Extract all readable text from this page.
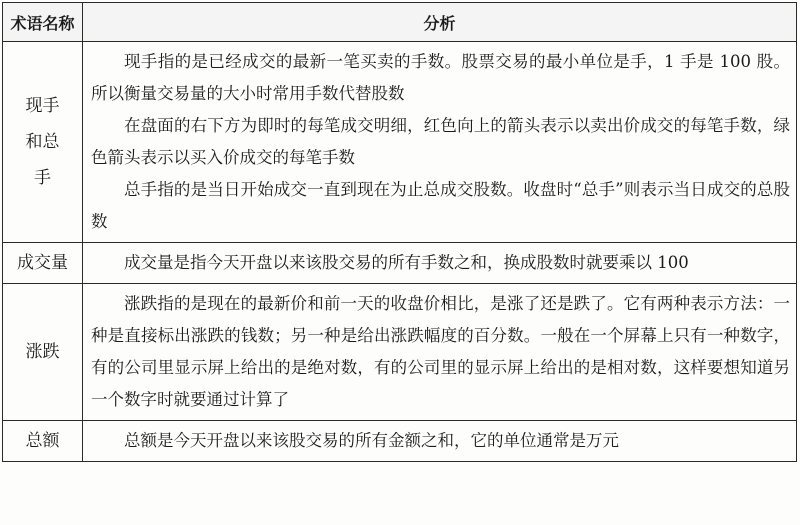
术语名称	分析
现手和总手	现手指的是已经成交的最新一笔买卖的手数。股票交易的最小单位是手，1 手是 100 股。所以衡量交易量的大小时常用手数代替股数

在盘面的右下方为即时的每笔成交明细，红色向上的箭头表示以卖出价成交的每笔手数，绿色箭头表示以买入价成交的每笔手数

总手指的是当日开始成交一直到现在为止总成交股数。收盘时“总手”则表示当日成交的总股数

成交量	成交量是指今天开盘以来该股交易的所有手数之和，换成股数时就要乘以 100

涨跌	涨跌指的是现在的最新价和前一天的收盘价相比，是涨了还是跌了。它有两种表示方法：一种是直接标出涨跌的钱数；另一种是给出涨跌幅度的百分数。一般在一个屏幕上只有一种数字，有的公司里显示屏上给出的是绝对数，有的公司里的显示屏上给出的是相对数，这样要想知道另一个数字时就要通过计算了

总额	总额是今天开盘以来该股交易的所有金额之和，它的单位通常是万元
